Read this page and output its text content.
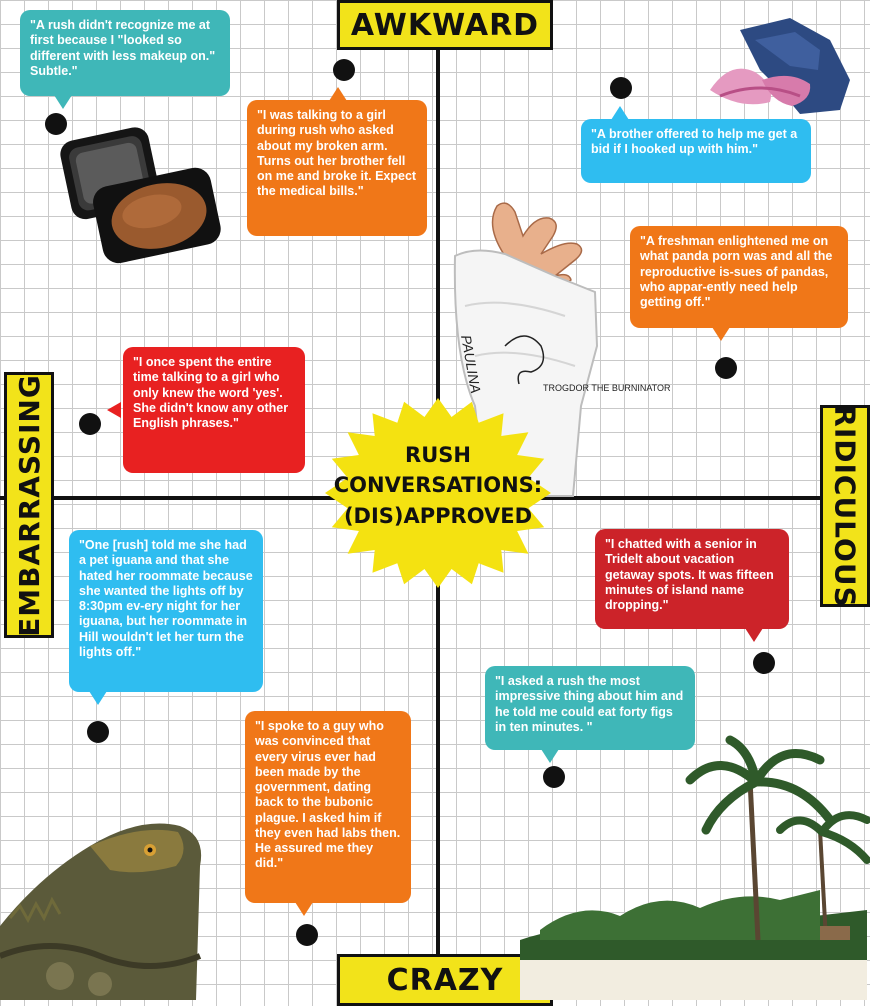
AWKWARD
CRAZY
EMBARRASSING	RIDICULOUS
PAULINA	TROGDOR THE BURNINATOR
RUSH
CONVERSATIONS:
(DIS)APPROVED
"A rush didn't recognize me at first because I "looked so different with less makeup on." Subtle."
"I was talking to a girl during rush who asked about my broken arm. Turns out her brother fell on me and broke it. Expect the medical bills."
"A brother offered to help me get a bid if I hooked up with him."
"A freshman enlightened me on what panda porn was and all the reproductive is-sues of pandas, who appar-ently need help getting off."
"I once spent the entire time talking to a girl who only knew the word 'yes'. She didn't know any other English phrases."
"One [rush] told me she had a pet iguana and that she hated her roommate because she wanted the lights off by 8:30pm ev-ery night for her iguana, but her roommate in Hill wouldn't let her turn the lights off."
"I chatted with a senior in Tridelt about vacation getaway spots. It was fifteen minutes of island name dropping."
"I asked a rush the most impressive thing about him and he told me could eat forty figs in ten minutes. "
"I spoke to a guy who was convinced that every virus ever had been made by the government, dating back to the bubonic plague. I asked him if they even had labs then. He assured me they did."
